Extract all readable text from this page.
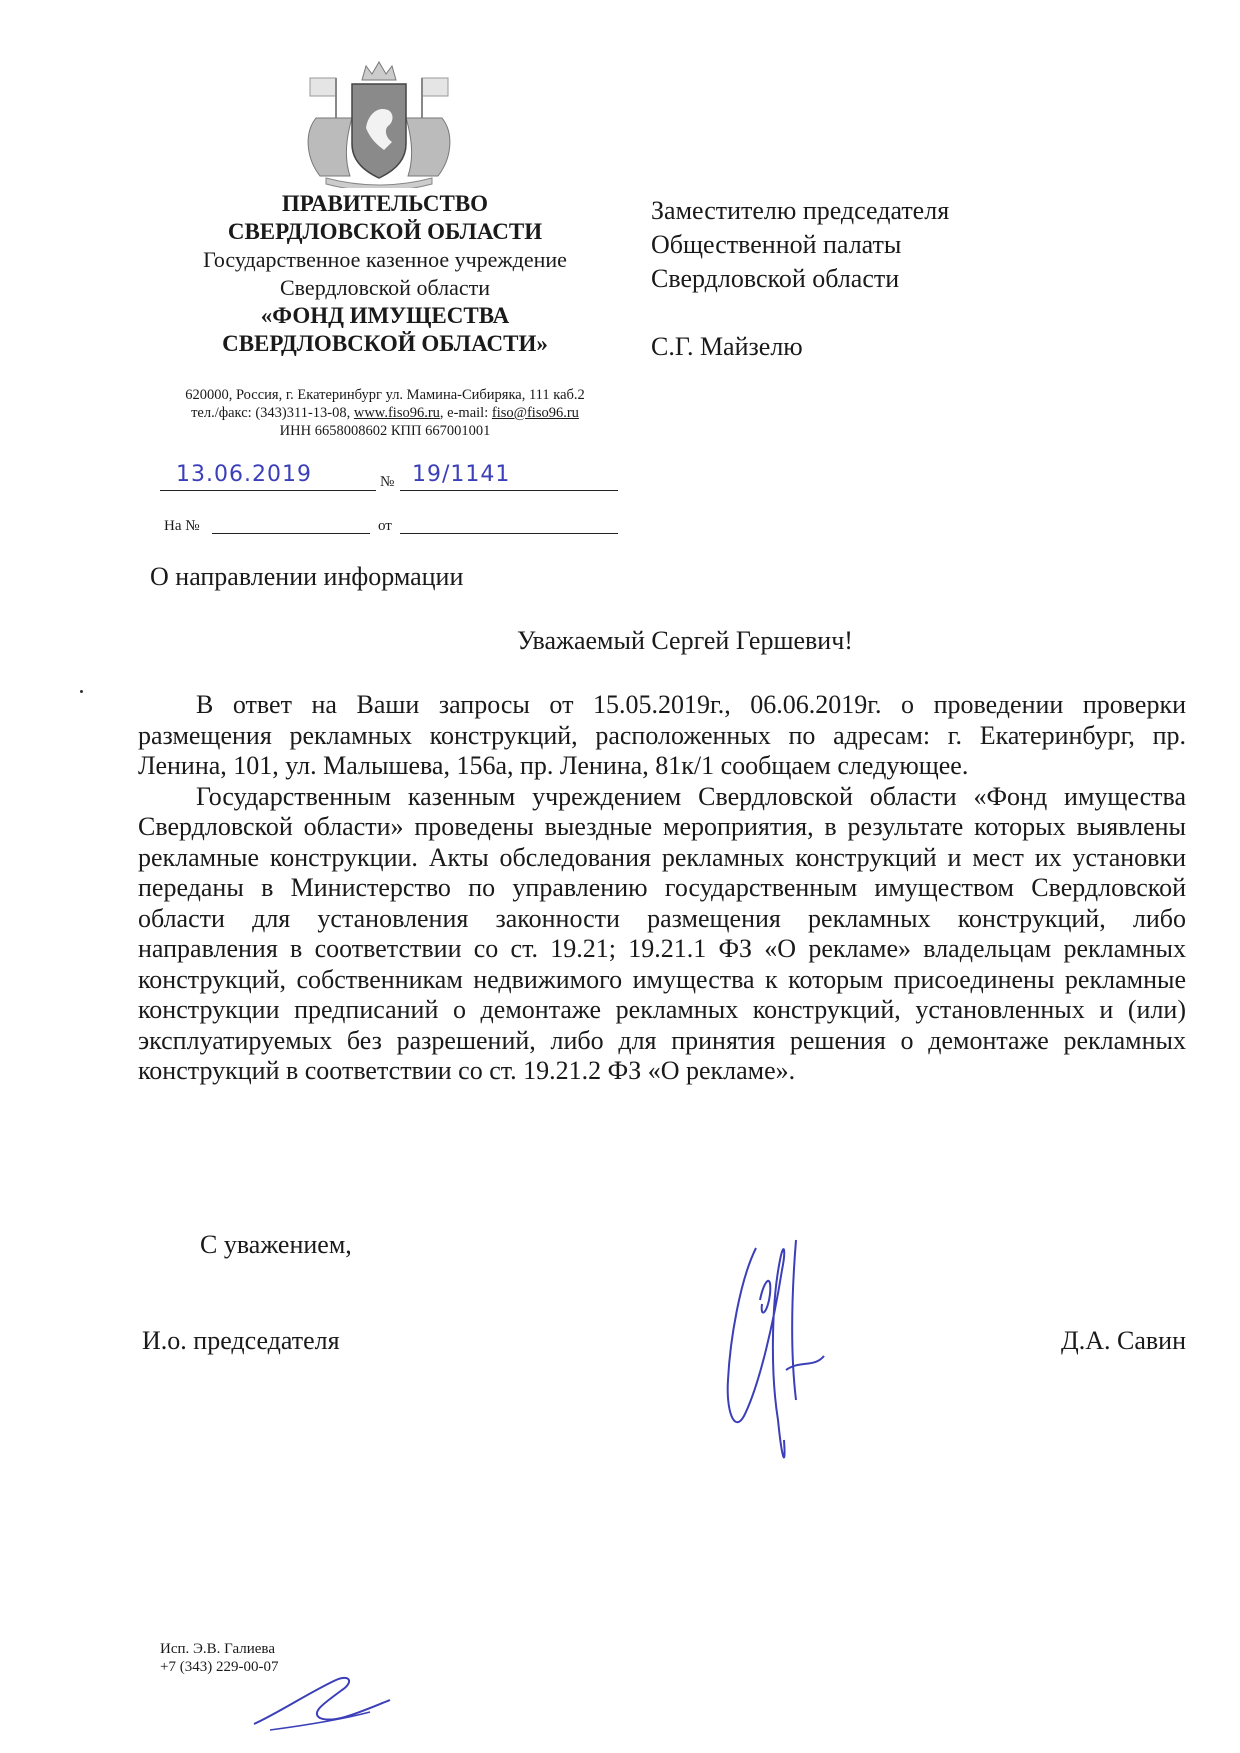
ПРАВИТЕЛЬСТВО
СВЕРДЛОВСКОЙ ОБЛАСТИ
Государственное казенное учреждение
Свердловской области
«ФОНД ИМУЩЕСТВА
СВЕРДЛОВСКОЙ ОБЛАСТИ»
620000, Россия, г. Екатеринбург ул. Мамина-Сибиряка, 111 каб.2
тел./факс: (343)311-13-08, www.fiso96.ru, e-mail: fiso@fiso96.ru
ИНН 6658008602 КПП 667001001
13.06.2019	№ 19/1141
На №	от
Заместителю председателя
Общественной палаты
Свердловской области
С.Г. Майзелю
О направлении информации
Уважаемый Сергей Гершевич!

В ответ на Ваши запросы от 15.05.2019г., 06.06.2019г. о проведении проверки размещения рекламных конструкций, расположенных по адресам: г. Екатеринбург, пр. Ленина, 101, ул. Малышева, 156а, пр. Ленина, 81к/1 сообщаем следующее.

Государственным казенным учреждением Свердловской области «Фонд имущества Свердловской области» проведены выездные мероприятия, в результате которых выявлены рекламные конструкции. Акты обследования рекламных конструкций и мест их установки переданы в Министерство по управлению государственным имуществом Свердловской области для установления законности размещения рекламных конструкций, либо направления в соответствии со ст. 19.21; 19.21.1 ФЗ «О рекламе» владельцам рекламных конструкций, собственникам недвижимого имущества к которым присоединены рекламные конструкции предписаний о демонтаже рекламных конструкций, установленных и (или) эксплуатируемых без разрешений, либо для принятия решения о демонтаже рекламных конструкций в соответствии со ст. 19.21.2 ФЗ «О рекламе».

С уважением,
И.о. председателя	Д.А. Савин
Исп. Э.В. Галиева
+7 (343) 229-00-07
